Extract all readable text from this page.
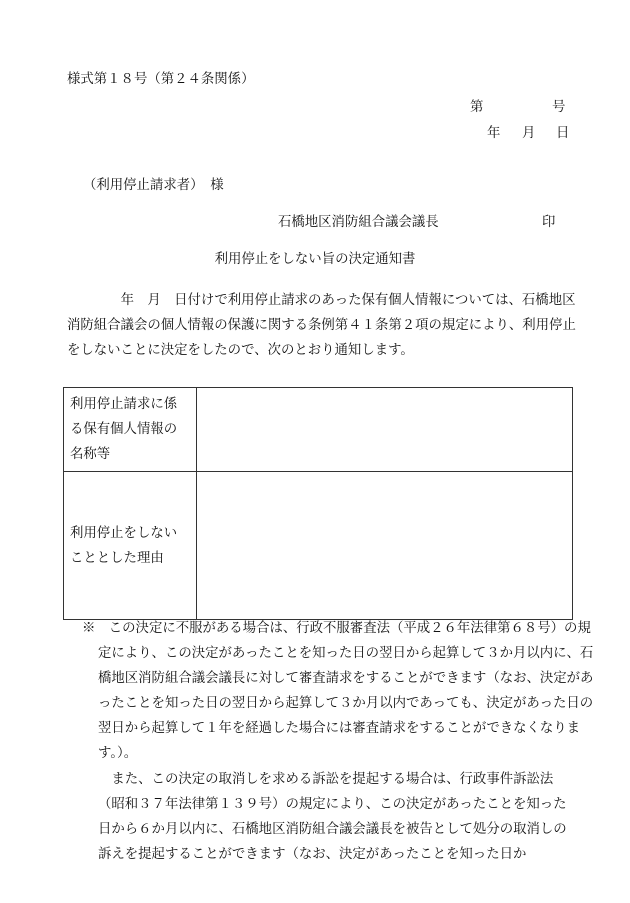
様式第１８号（第２４条関係）
第	号
年 月 日
（利用停止請求者）　様
石橋地区消防組合議会議長	印
利用停止をしない旨の決定通知書

年　月　日付けで利用停止請求のあった保有個人情報については、石橋地区消防組合議会の個人情報の保護に関する条例第４１条第２項の規定により、利用停止をしないことに決定をしたので、次のとおり通知します。

利用停止請求に係る保有個人情報の名称等	
利用停止をしないこととした理由	

※　この決定に不服がある場合は、行政不服審査法（平成２６年法律第６８号）の規定により、この決定があったことを知った日の翌日から起算して３か月以内に、石橋地区消防組合議会議長に対して審査請求をすることができます（なお、決定があったことを知った日の翌日から起算して３か月以内であっても、決定があった日の翌日から起算して１年を経過した場合には審査請求をすることができなくなります。）。

また、この決定の取消しを求める訴訟を提起する場合は、行政事件訴訟法（昭和３７年法律第１３９号）の規定により、この決定があったことを知った日から６か月以内に、石橋地区消防組合議会議長を被告として処分の取消しの訴えを提起することができます（なお、決定があったことを知った日か
